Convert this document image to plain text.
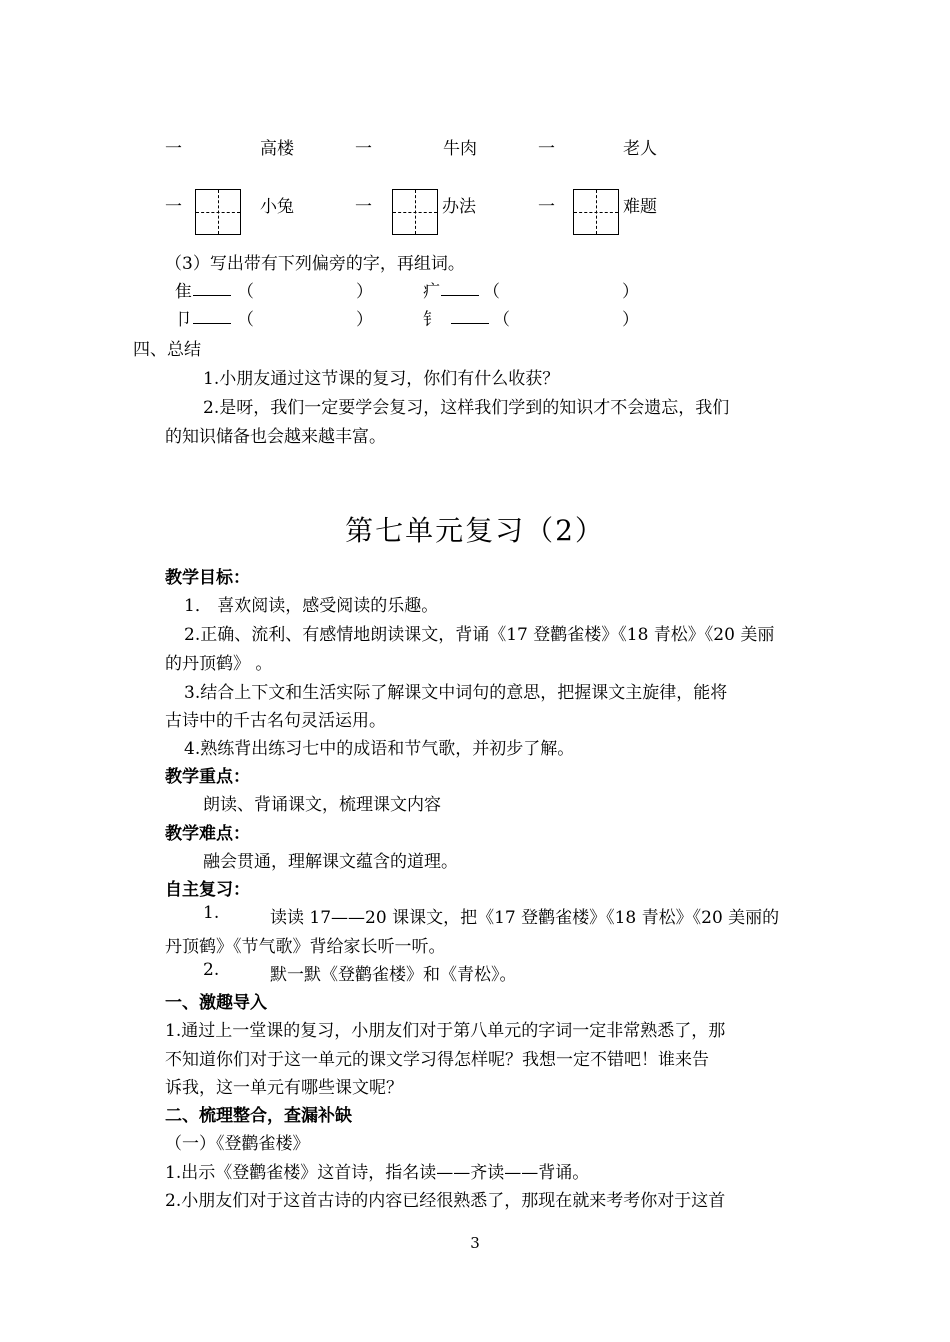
一	高楼	一	牛肉	一	老人
一	小兔	一	办法	一	难题
（3）写出带有下列偏旁的字，再组词。
隹	（	）	疒	（	）
卩	（	）	钅	（	）
四、总结
1.小朋友通过这节课的复习，你们有什么收获？
2.是呀，我们一定要学会复习，这样我们学到的知识才不会遗忘，我们
的知识储备也会越来越丰富。
第七单元复习（2）
教学目标：
1． 喜欢阅读，感受阅读的乐趣。
2.正确、流利、有感情地朗读课文，背诵《17 登鹳雀楼》《18 青松》《20 美丽
的丹顶鹤》 。
3.结合上下文和生活实际了解课文中词句的意思，把握课文主旋律，能将
古诗中的千古名句灵活运用。
4.熟练背出练习七中的成语和节气歌，并初步了解。
教学重点：
朗读、背诵课文，梳理课文内容
教学难点：
融会贯通，理解课文蕴含的道理。
自主复习：
1.	读读 17——20 课课文，把《17 登鹳雀楼》《18 青松》《20 美丽的
丹顶鹤》《节气歌》背给家长听一听。
2.	默一默《登鹳雀楼》和《青松》。
一、激趣导入
1.通过上一堂课的复习，小朋友们对于第八单元的字词一定非常熟悉了，那
不知道你们对于这一单元的课文学习得怎样呢？我想一定不错吧！谁来告
诉我，这一单元有哪些课文呢？
二、梳理整合，查漏补缺
（一）《登鹳雀楼》
1.出示《登鹳雀楼》这首诗，指名读——齐读——背诵。
2.小朋友们对于这首古诗的内容已经很熟悉了，那现在就来考考你对于这首
3
